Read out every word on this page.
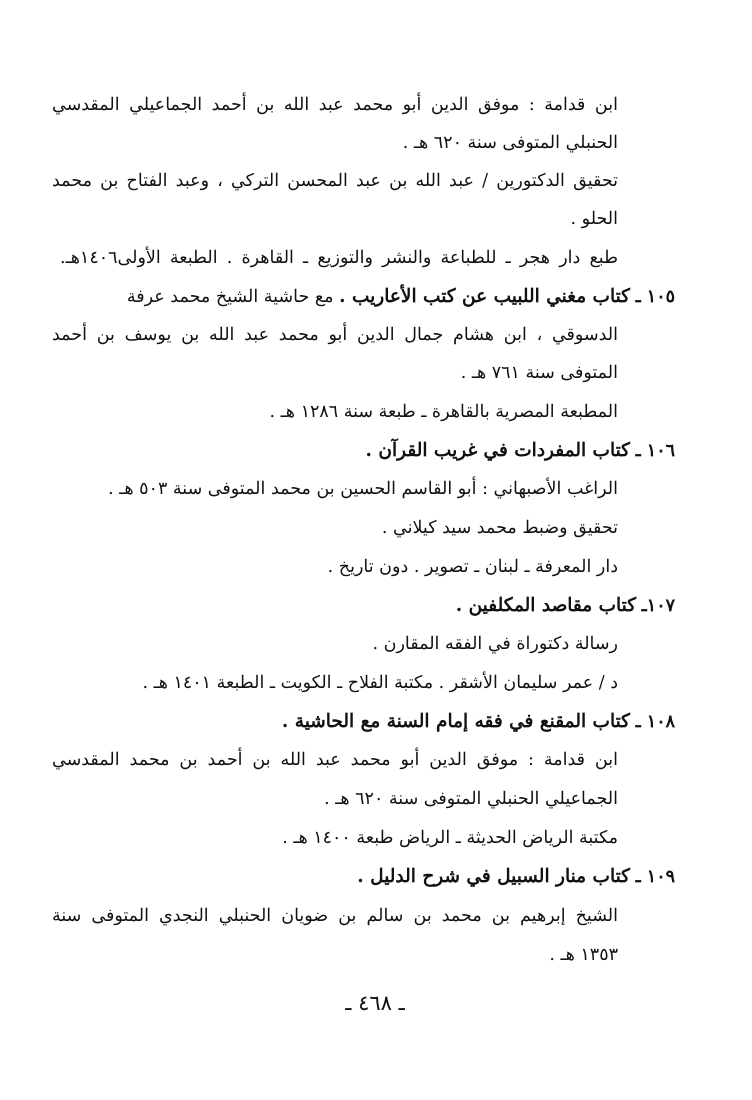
ابن قدامة : موفق الدين أبو محمد عبد الله بن أحمد الجماعيلي المقدسي
الحنبلي المتوفى سنة ٦٢٠ هـ .
تحقيق الدكتورين / عبد الله بن عبد المحسن التركي ، وعبد الفتاح بن محمد
الحلو .
طبع دار هجر ـ للطباعة والنشر والتوزيع ـ القاهرة . الطبعة الأولى١٤٠٦هـ.
١٠٥ ـ كتاب مغني اللبيب عن كتب الأعاريب . مع حاشية الشيخ محمد عرفة
الدسوقي ، ابن هشام جمال الدين أبو محمد عبد الله بن يوسف بن أحمد
المتوفى سنة ٧٦١ هـ .
المطبعة المصرية بالقاهرة ـ طبعة سنة ١٢٨٦ هـ .
١٠٦ ـ كتاب المفردات في غريب القرآن .
الراغب الأصبهاني : أبو القاسم الحسين بن محمد المتوفى سنة ٥٠٣ هـ .
تحقيق وضبط محمد سيد كيلاني .
دار المعرفة ـ لبنان ـ تصوير . دون تاريخ .
١٠٧ـ كتاب مقاصد المكلفين .
رسالة دكتوراة في الفقه المقارن .
د / عمر سليمان الأشقر . مكتبة الفلاح ـ الكويت ـ الطبعة ١٤٠١ هـ .
١٠٨ ـ كتاب المقنع في فقه إمام السنة مع الحاشية .
ابن قدامة : موفق الدين أبو محمد عبد الله بن أحمد بن محمد المقدسي
الجماعيلي الحنبلي المتوفى سنة ٦٢٠ هـ .
مكتبة الرياض الحديثة ـ الرياض طبعة ١٤٠٠ هـ .
١٠٩ ـ كتاب منار السبيل في شرح الدليل .
الشيخ إبرهيم بن محمد بن سالم بن ضويان الحنبلي النجدي المتوفى سنة
١٣٥٣ هـ .
ـ ٤٦٨ ـ
